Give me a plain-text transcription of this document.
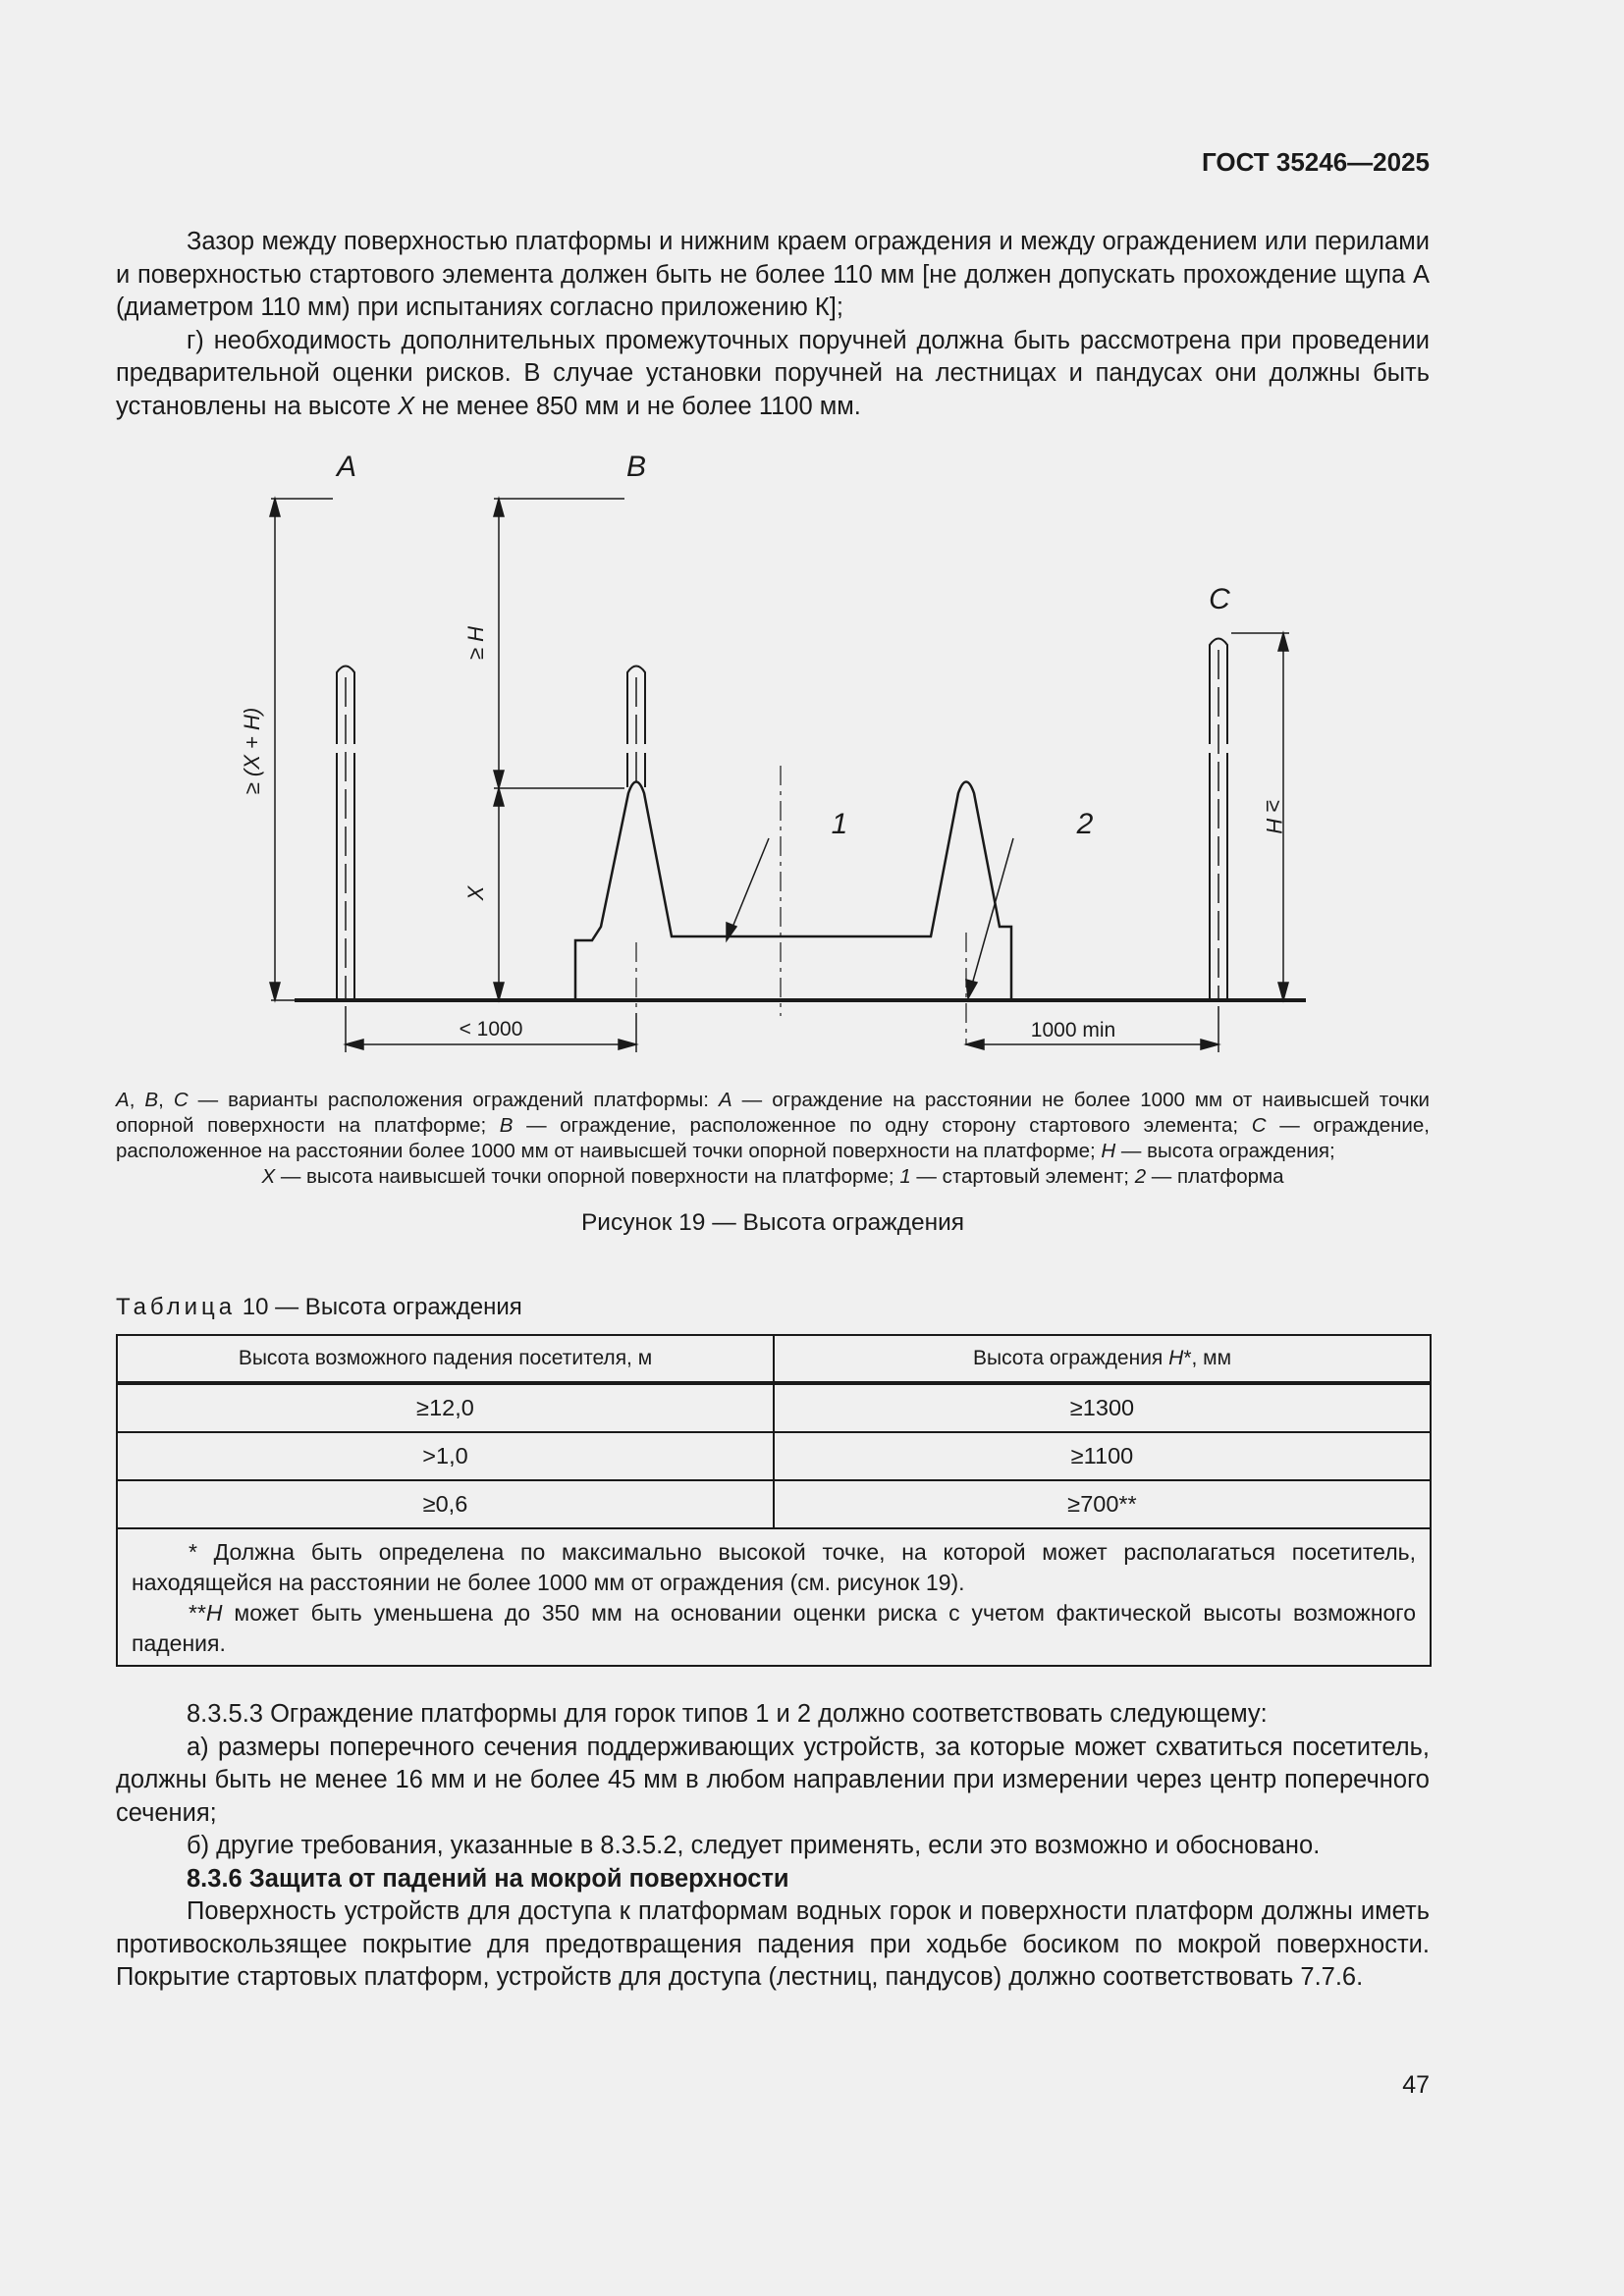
ГОСТ 35246—2025

Зазор между поверхностью платформы и нижним краем ограждения и между ограждением или перилами и поверхностью стартового элемента должен быть не более 110 мм [не должен допускать прохождение щупа А (диаметром 110 мм) при испытаниях согласно приложению К];

г) необходимость дополнительных промежуточных поручней должна быть рассмотрена при проведении предварительной оценки рисков. В случае установки поручней на лестницах и пандусах они должны быть установлены на высоте X не менее 850 мм и не более 1100 мм.

A	B
C
≥ (X + H)
≥ H
X
≥ H
< 1000	1000 min
1	2
A, B, C — варианты расположения ограждений платформы: A — ограждение на расстоянии не более 1000 мм от наивысшей точки опорной поверхности на платформе; B — ограждение, расположенное по одну сторону стартового элемента; C — ограждение, расположенное на расстоянии более 1000 мм от наивысшей точки опорной поверхности на платформе; H — высота ограждения;
X — высота наивысшей точки опорной поверхности на платформе; 1 — стартовый элемент; 2 — платформа
Рисунок 19 — Высота ограждения
Таблица 10 — Высота ограждения
Высота возможного падения посетителя, м	Высота ограждения H*, мм
≥12,0	≥1300
>1,0	≥1100
≥0,6	≥700**

* Должна быть определена по максимально высокой точке, на которой может располагаться посетитель, находящейся на расстоянии не более 1000 мм от ограждения (см. рисунок 19).

**H может быть уменьшена до 350 мм на основании оценки риска с учетом фактической высоты возможного падения.	

8.3.5.3 Ограждение платформы для горок типов 1 и 2 должно соответствовать следующему:

а) размеры поперечного сечения поддерживающих устройств, за которые может схватиться посетитель, должны быть не менее 16 мм и не более 45 мм в любом направлении при измерении через центр поперечного сечения;

б) другие требования, указанные в 8.3.5.2, следует применять, если это возможно и обосновано.

8.3.6 Защита от падений на мокрой поверхности

Поверхность устройств для доступа к платформам водных горок и поверхности платформ должны иметь противоскользящее покрытие для предотвращения падения при ходьбе босиком по мокрой поверхности. Покрытие стартовых платформ, устройств для доступа (лестниц, пандусов) должно соответствовать 7.7.6.

47
